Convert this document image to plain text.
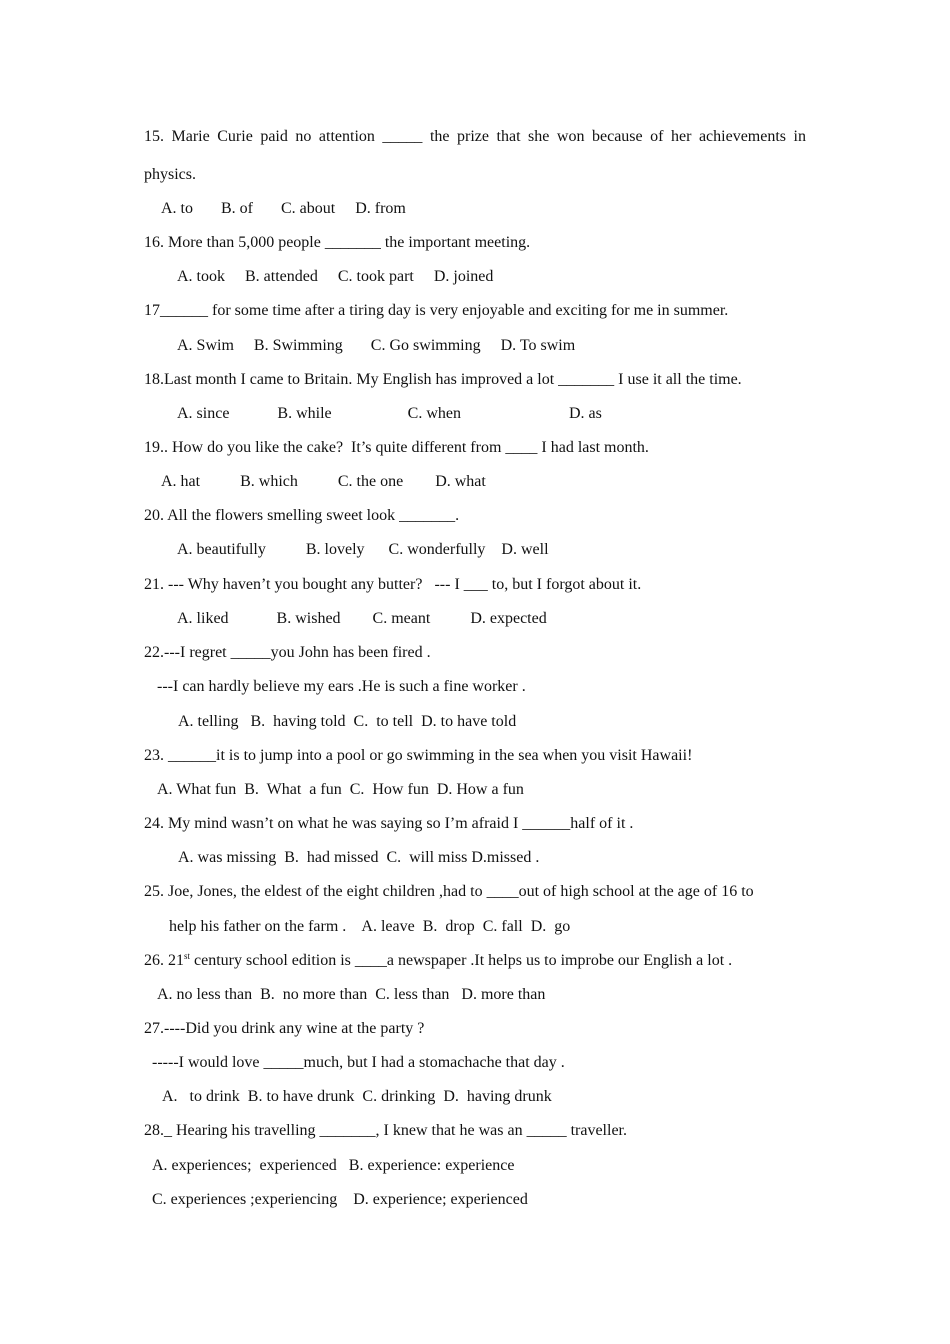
15. Marie Curie paid no attention _____ the prize that she won because of her achievements in
physics.
A. to       B. of       C. about     D. from
16. More than 5,000 people _______ the important meeting.
A. took     B. attended     C. took part     D. joined
17______ for some time after a tiring day is very enjoyable and exciting for me in summer.
A. Swim     B. Swimming       C. Go swimming     D. To swim
18.Last month I came to Britain. My English has improved a lot _______ I use it all the time.
A. since            B. while                   C. when                           D. as
19.. How do you like the cake?  It’s quite different from ____ I had last month.
A. hat          B. which          C. the one        D. what
20. All the flowers smelling sweet look _______.
A. beautifully          B. lovely      C. wonderfully    D. well
21. --- Why haven’t you bought any butter?   --- I ___ to, but I forgot about it.
A. liked            B. wished        C. meant          D. expected
22.---I regret _____you John has been fired .
---I can hardly believe my ears .He is such a fine worker .
A. telling   B.  having told  C.  to tell  D. to have told
23. ______it is to jump into a pool or go swimming in the sea when you visit Hawaii!
A. What fun  B.  What  a fun  C.  How fun  D. How a fun
24. My mind wasn’t on what he was saying so I’m afraid I ______half of it .
A. was missing  B.  had missed  C.  will miss D.missed .
25. Joe, Jones, the eldest of the eight children ,had to ____out of high school at the age of 16 to
help his father on the farm .    A. leave  B.  drop  C. fall  D.  go
26. 21st century school edition is ____a newspaper .It helps us to improbe our English a lot .
A. no less than  B.  no more than  C. less than   D. more than
27.----Did you drink any wine at the party ?
-----I would love _____much, but I had a stomachache that day .
A.   to drink  B. to have drunk  C. drinking  D.  having drunk
28._ Hearing his travelling _______, I knew that he was an _____ traveller.
A. experiences;  experienced   B. experience: experience
C. experiences ;experiencing    D. experience; experienced
